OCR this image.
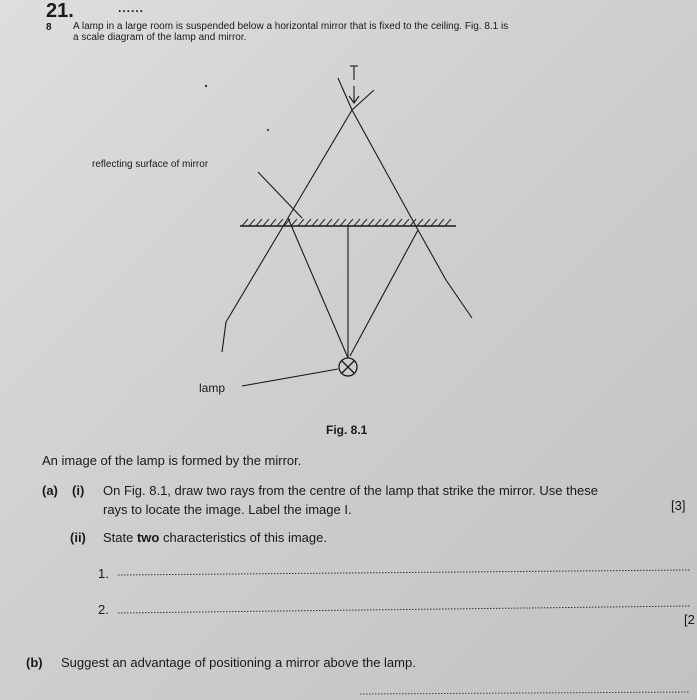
21.	......
8 A lamp in a large room is suspended below a horizontal mirror that is fixed to the ceiling. Fig. 8.1 is
a scale diagram of the lamp and mirror.
reflecting surface of mirror
lamp
Fig. 8.1
An image of the lamp is formed by the mirror.
(a) (i) On Fig. 8.1, draw two rays from the centre of the lamp that strike the mirror. Use these
rays to locate the image. Label the image I.	[3]
(ii) State two characteristics of this image.
1.
2.
[2
(b) Suggest an advantage of positioning a mirror above the lamp.
